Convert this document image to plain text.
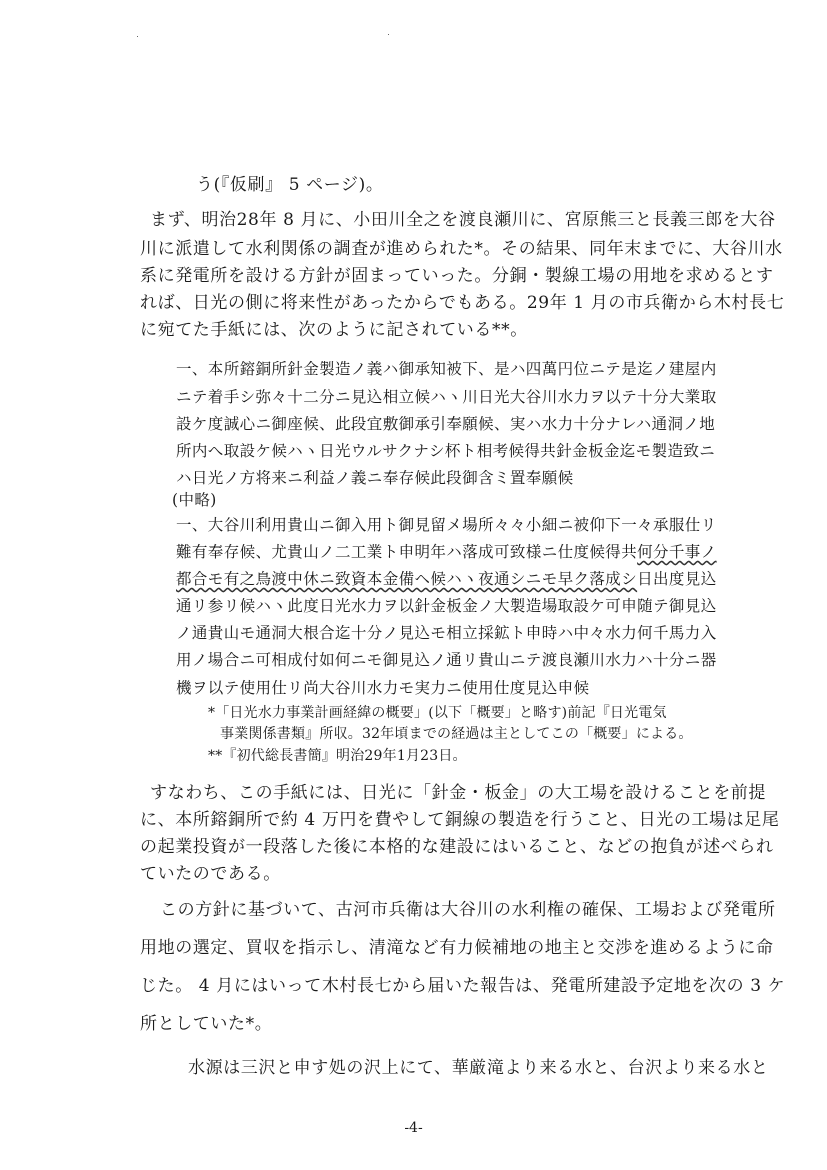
う(『仮刷』 5 ページ)。
まず、明治28年 8 月に、小田川全之を渡良瀬川に、宮原熊三と長義三郎を大谷
川に派遣して水利関係の調査が進められた*。その結果、同年末までに、大谷川水
系に発電所を設ける方針が固まっていった。分銅・製線工場の用地を求めるとす
れば、日光の側に将来性があったからでもある。29年 1 月の市兵衛から木村長七
に宛てた手紙には、次のように記されている**。
一、本所鎔銅所針金製造ノ義ハ御承知被下、是ハ四萬円位ニテ是迄ノ建屋内
ニテ着手シ弥々十二分ニ見込相立候ハヽ川日光大谷川水力ヲ以テ十分大業取
設ケ度誠心ニ御座候、此段宜敷御承引奉願候、実ハ水力十分ナレハ通洞ノ地
所内へ取設ケ候ハヽ日光ウルサクナシ杯ト相考候得共針金板金迄モ製造致ニ
ハ日光ノ方将来ニ利益ノ義ニ奉存候此段御含ミ置奉願候
(中略)
一、大谷川利用貴山ニ御入用ト御見留メ場所々々小細ニ被仰下一々承服仕リ
難有奉存候、尤貴山ノ二工業ト申明年ハ落成可致様ニ仕度候得共何分千事ノ
都合モ有之鳥渡中休ニ致資本金備ヘ候ハヽ夜通シニモ早ク落成シ日出度見込
通リ参リ候ハヽ此度日光水力ヲ以針金板金ノ大製造場取設ケ可申随テ御見込
ノ通貴山モ通洞大根合迄十分ノ見込モ相立採鉱ト申時ハ中々水力何千馬力入
用ノ場合ニ可相成付如何ニモ御見込ノ通リ貴山ニテ渡良瀬川水力ハ十分ニ器
機ヲ以テ使用仕リ尚大谷川水力モ実力ニ使用仕度見込申候
*「日光水力事業計画経緯の概要」(以下「概要」と略す)前記『日光電気
事業関係書類』所収。32年頃までの経過は主としてこの「概要」による。
**『初代総長書簡』明治29年1月23日。
すなわち、この手紙には、日光に「針金・板金」の大工場を設けることを前提
に、本所鎔銅所で約 4 万円を費やして銅線の製造を行うこと、日光の工場は足尾
の起業投資が一段落した後に本格的な建設にはいること、などの抱負が述べられ
ていたのである。
この方針に基づいて、古河市兵衛は大谷川の水利権の確保、工場および発電所
用地の選定、買収を指示し、清滝など有力候補地の地主と交渉を進めるように命
じた。 4 月にはいって木村長七から届いた報告は、発電所建設予定地を次の 3 ケ
所としていた*。
水源は三沢と申す処の沢上にて、華厳滝より来る水と、台沢より来る水と
-4-
